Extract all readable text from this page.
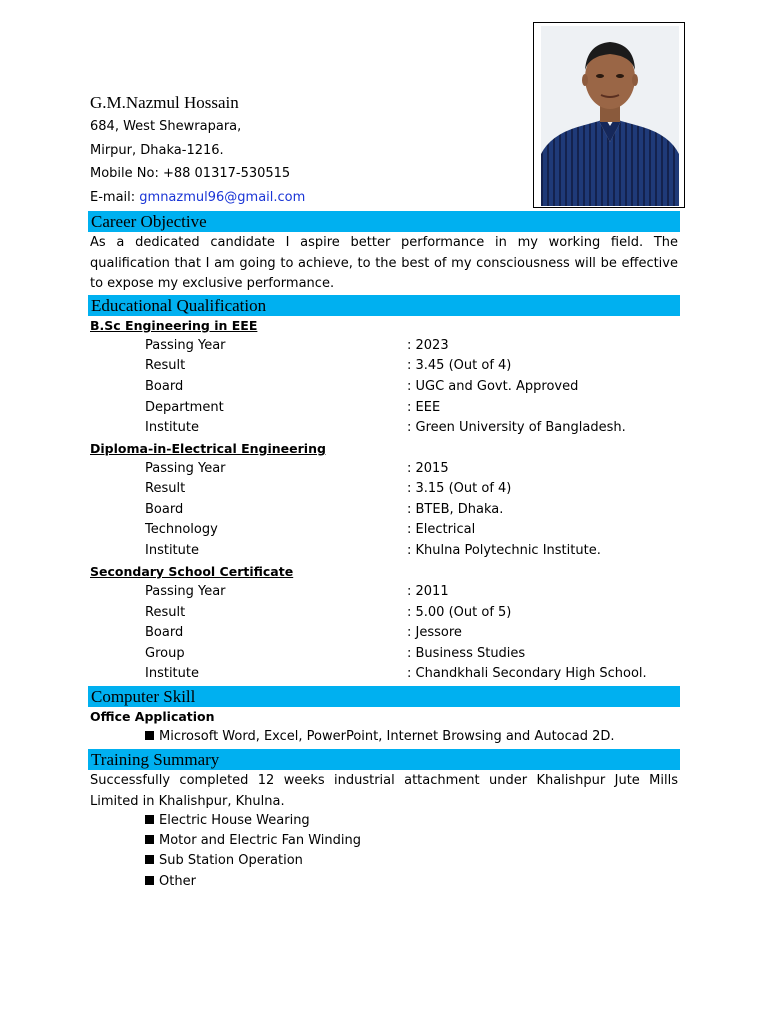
G.M.Nazmul Hossain
684, West Shewrapara,
Mirpur, Dhaka-1216.
Mobile No: +88 01317-530515
E-mail: gmnazmul96@gmail.com
Career Objective
As a dedicated candidate I aspire better performance in my working field. The qualification that I am going to achieve, to the best of my consciousness will be effective to expose my exclusive performance.
Educational Qualification
B.Sc Engineering in EEE
Passing Year	: 2023
Result	: 3.45 (Out of 4)
Board	: UGC and Govt. Approved
Department	: EEE
Institute	: Green University of Bangladesh.
Diploma-in-Electrical Engineering
Passing Year	: 2015
Result	: 3.15 (Out of 4)
Board	: BTEB, Dhaka.
Technology	: Electrical
Institute	: Khulna Polytechnic Institute.
Secondary School Certificate
Passing Year	: 2011
Result	: 5.00 (Out of 5)
Board	: Jessore
Group	: Business Studies
Institute	: Chandkhali Secondary High School.
Computer Skill
Office Application
Microsoft Word, Excel, PowerPoint, Internet Browsing and Autocad 2D.
Training Summary
Successfully completed 12 weeks industrial attachment under Khalishpur Jute Mills Limited in Khalishpur, Khulna.
Electric House Wearing
Motor and Electric Fan Winding
Sub Station Operation
Other
